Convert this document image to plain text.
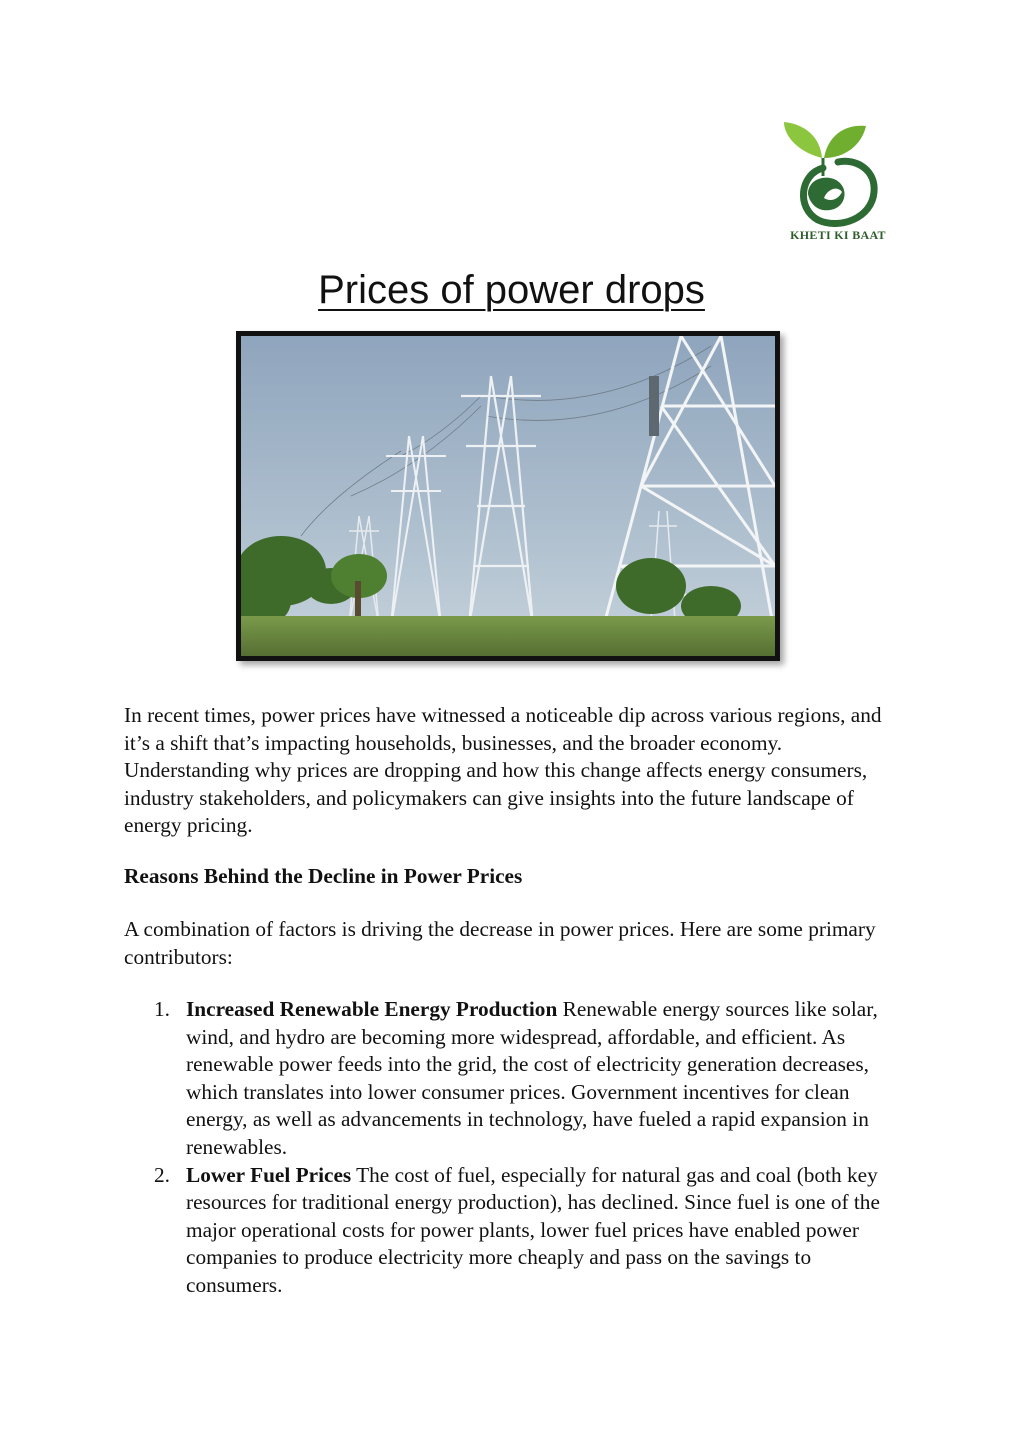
KHETI KI BAAT
Prices of power drops

In recent times, power prices have witnessed a noticeable dip across various regions, and it’s a shift that’s impacting households, businesses, and the broader economy. Understanding why prices are dropping and how this change affects energy consumers, industry stakeholders, and policymakers can give insights into the future landscape of energy pricing.

Reasons Behind the Decline in Power Prices

A combination of factors is driving the decrease in power prices. Here are some primary contributors:

1. Increased Renewable Energy Production Renewable energy sources like solar, wind, and hydro are becoming more widespread, affordable, and efficient. As renewable power feeds into the grid, the cost of electricity generation decreases, which translates into lower consumer prices. Government incentives for clean energy, as well as advancements in technology, have fueled a rapid expansion in renewables.
2. Lower Fuel Prices The cost of fuel, especially for natural gas and coal (both key resources for traditional energy production), has declined. Since fuel is one of the major operational costs for power plants, lower fuel prices have enabled power companies to produce electricity more cheaply and pass on the savings to consumers.
